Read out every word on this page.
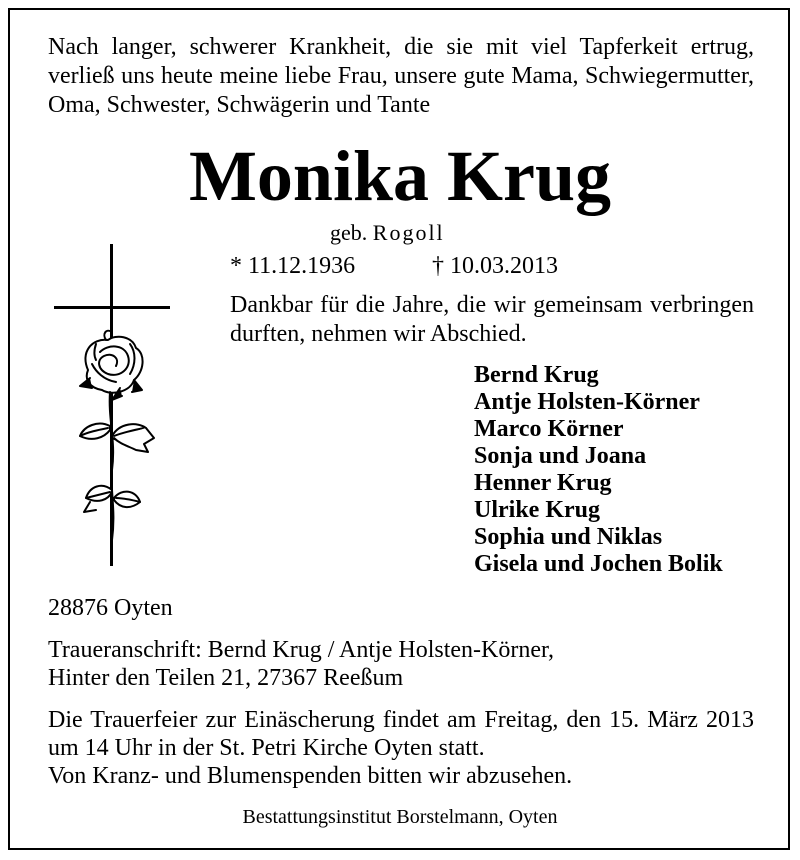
Nach langer, schwerer Krankheit, die sie mit viel Tapferkeit ertrug, verließ uns heute meine liebe Frau, unsere gute Mama, Schwiegermutter, Oma, Schwester, Schwägerin und Tante
Monika Krug
geb. Rogoll
* 11.12.1936	† 10.03.2013
Dankbar für die Jahre, die wir gemeinsam verbringen durften, nehmen wir Abschied.
Bernd Krug
Antje Holsten-Körner
Marco Körner
Sonja und Joana
Henner Krug
Ulrike Krug
Sophia und Niklas
Gisela und Jochen Bolik
28876 Oyten
Traueranschrift: Bernd Krug / Antje Holsten-Körner,
Hinter den Teilen 21, 27367 Reeßum

Die Trauerfeier zur Einäscherung findet am Freitag, den 15. März 2013 um 14 Uhr in der St. Petri Kirche Oyten statt.

Von Kranz- und Blumenspenden bitten wir abzusehen.
Bestattungsinstitut Borstelmann, Oyten
